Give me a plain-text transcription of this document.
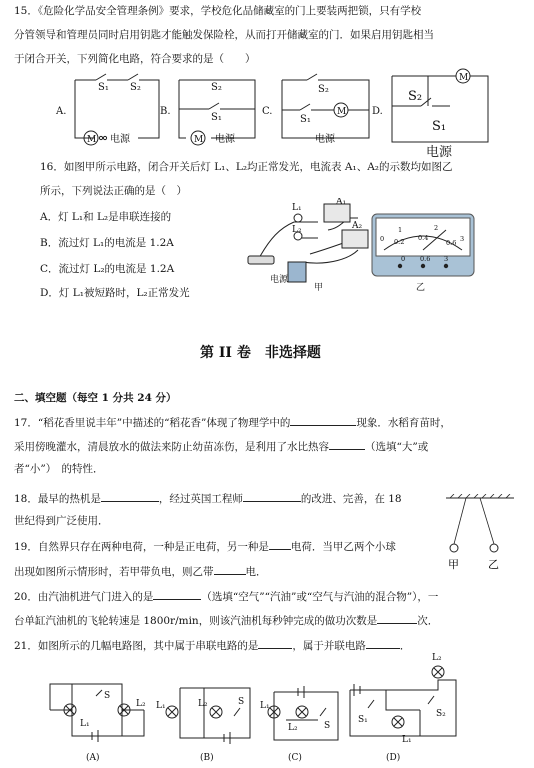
15．《危险化学品安全管理条例》要求，学校危化品储藏室的门上要装两把锁，只有学校
分管领导和管理员同时启用钥匙才能触发保险栓，从而打开储藏室的门．如果启用钥匙相当
于闭合开关，下列简化电路，符合要求的是（　　）
A.
S₁ S₂
M 电源
B.
S₂
S₁
M 电源
C.
S₂
S₁
M
电源
D.
S₂
M
S₁
电源
16．如图甲所示电路，闭合开关后灯 L₁、L₂均正常发光，电流表 A₁、A₂的示数均如图乙
所示，下列说法正确的是（　）
A．灯 L₁和 L₂是串联连接的
B．流过灯 L₁的电流是 1.2A
C．流过灯 L₂的电流是 1.2A
D．灯 L₁被短路时，L₂正常发光
L₁
L₂
A₁
A₂
电源
甲
0
1	2
3
0.2 0.4
0.6
0 0.6 3
乙
第 II 卷　非选择题
二、填空题（每空 1 分共 24 分）
17．“稻花香里说丰年”中描述的“稻花香”体现了物理学中的	现象．水稻育苗时，
采用傍晚灌水，清晨放水的做法来防止幼苗冻伤，是利用了水比热容	（选填“大”或
者“小”）　的特性．
18．最早的热机是	，经过英国工程师	的改进、完善，在 18
世纪得到广泛使用．
19．自然界只存在两种电荷，一种是正电荷，另一种是 电荷．当甲乙两个小球
出现如图所示情形时，若甲带负电，则乙带	电．
甲	乙
20．由汽油机进气门进入的是	（选填“空气”“汽油”或“空气与汽油的混合物”），一
台单缸汽油机的飞轮转速是 1800r/min，则该汽油机每秒钟完成的做功次数是	次．
21．如图所示的几幅电路图，其中属于串联电路的是	，属于并联电路	．
L₁
L₂
S
(A)
L₁	L₂	S
(B)
L₁
L₂	S
(C)
L₂
L₁
S₁
S₂
(D)
